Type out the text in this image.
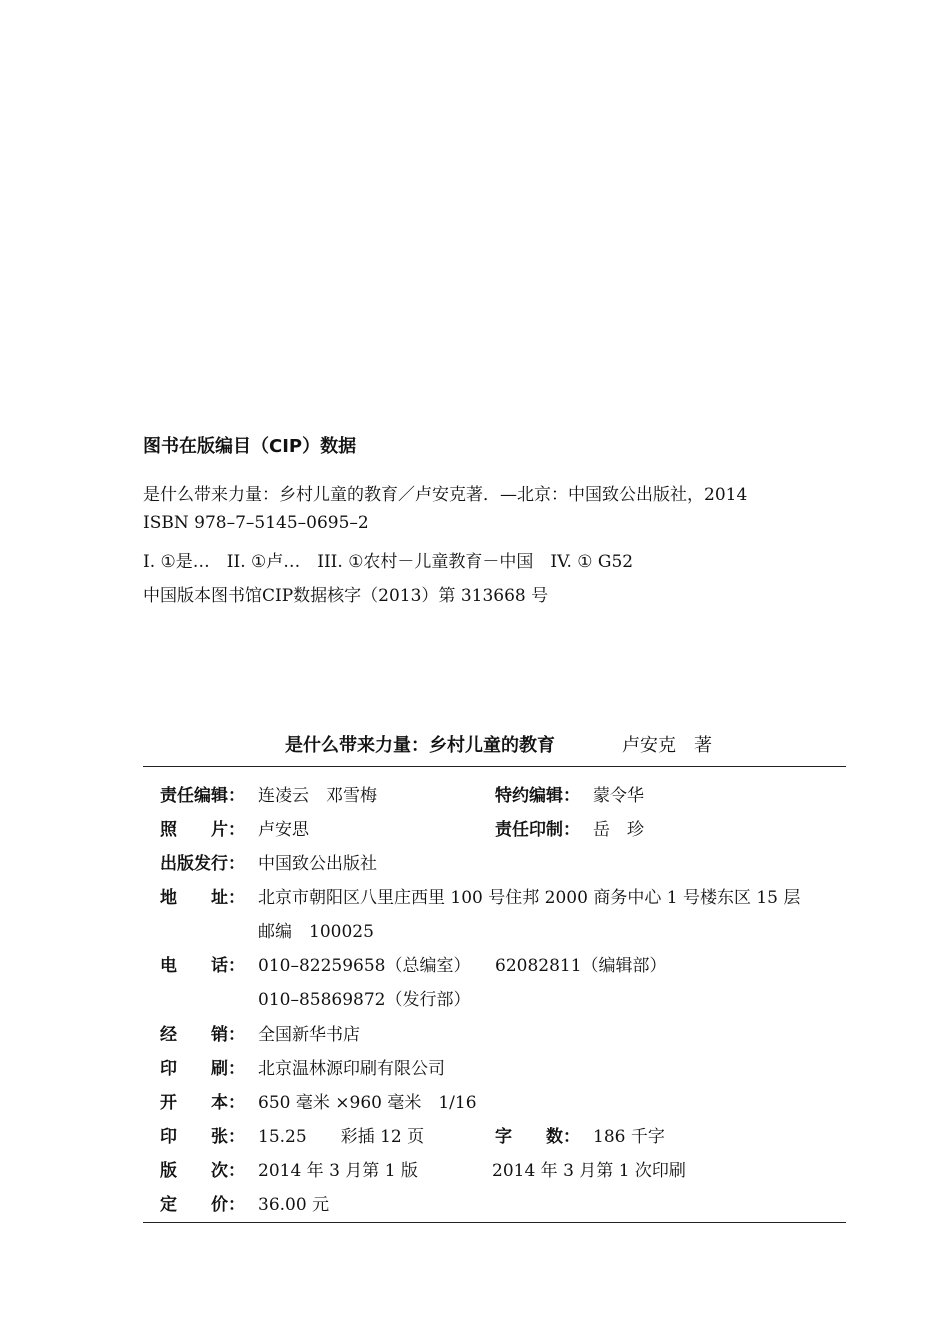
图书在版编目（CIP）数据
是什么带来力量：乡村儿童的教育／卢安克著．—北京：中国致公出版社，2014
ISBN 978–7–5145–0695–2
I. ①是…　II. ①卢…　III. ①农村－儿童教育－中国　IV. ① G52
中国版本图书馆CIP数据核字（2013）第 313668 号
是什么带来力量：乡村儿童的教育	卢安克　著
责任编辑： 连凌云　邓雪梅	特约编辑： 蒙令华
照　　片： 卢安思	责任印制： 岳　珍
出版发行： 中国致公出版社
地　　址： 北京市朝阳区八里庄西里 100 号住邦 2000 商务中心 1 号楼东区 15 层
邮编　100025
电　　话： 010–82259658（总编室） 62082811（编辑部）
010–85869872（发行部）
经　　销： 全国新华书店
印　　刷： 北京温林源印刷有限公司
开　　本： 650 毫米 ×960 毫米　1/16
印　　张： 15.25　　彩插 12 页	字　　数： 186 千字
版　　次： 2014 年 3 月第 1 版	2014 年 3 月第 1 次印刷
定　　价： 36.00 元
